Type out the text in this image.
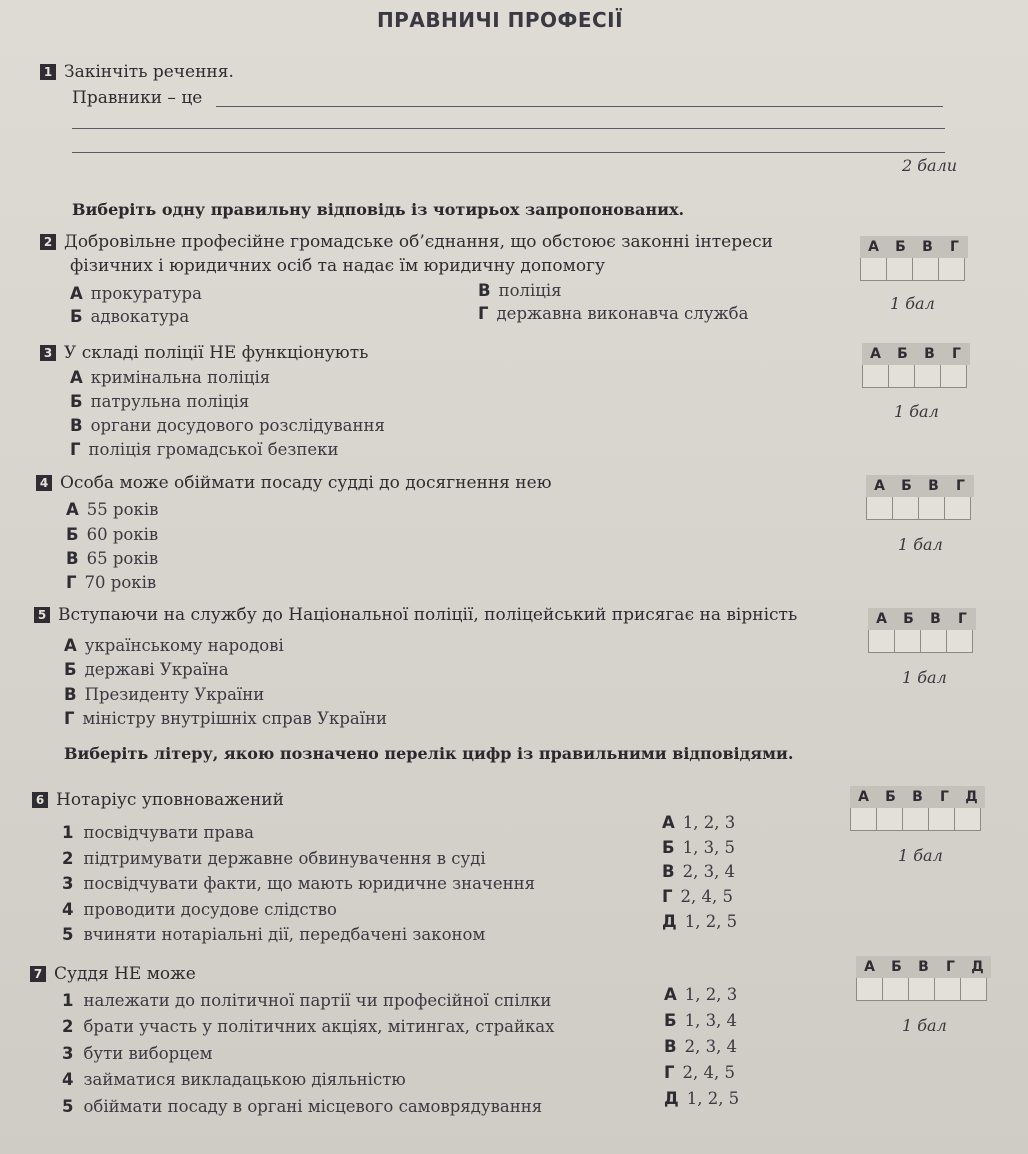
ПРАВНИЧІ ПРОФЕСІЇ
1 Закінчіть речення.
Правники – це
2 бали
Виберіть одну правильну відповідь із чотирьох запропонованих.
2 Добровільне професійне громадське об’єднання, що обстоює законні інтереси
фізичних і юридичних осіб та надає їм юридичну допомогу
А прокуратура
Б адвокатура
В поліція
Г державна виконавча служба
А	Б	В	Г
1 бал
3 У складі поліції НЕ функціонують
А кримінальна поліція
Б патрульна поліція
В органи досудового розслідування
Г поліція громадської безпеки
А	Б	В	Г
1 бал
4 Особа може обіймати посаду судді до досягнення нею
А 55 років
Б 60 років
В 65 років
Г 70 років
А	Б	В	Г
1 бал
5 Вступаючи на службу до Національної поліції, поліцейський присягає на вірність
А українському народові
Б державі Україна
В Президенту України
Г міністру внутрішніх справ України
А	Б	В	Г
1 бал
Виберіть літеру, якою позначено перелік цифр із правильними відповідями.
6 Нотаріус уповноважений
1 посвідчувати права
2 підтримувати державне обвинувачення в суді
3 посвідчувати факти, що мають юридичне значення
4 проводити досудове слідство
5 вчиняти нотаріальні дії, передбачені законом
А 1, 2, 3
Б 1, 3, 5
В 2, 3, 4
Г 2, 4, 5
Д 1, 2, 5
А	Б	В	Г	Д
1 бал
7 Суддя НЕ може
1 належати до політичної партії чи професійної спілки
2 брати участь у політичних акціях, мітингах, страйках
3 бути виборцем
4 займатися викладацькою діяльністю
5 обіймати посаду в органі місцевого самоврядування
А 1, 2, 3
Б 1, 3, 4
В 2, 3, 4
Г 2, 4, 5
Д 1, 2, 5
А	Б	В	Г	Д
1 бал
